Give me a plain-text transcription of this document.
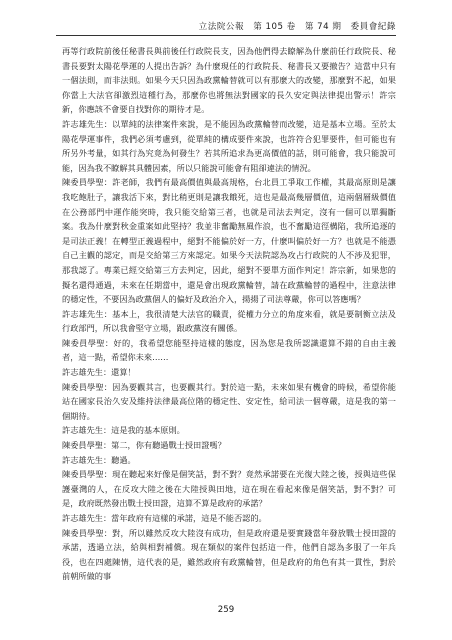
立法院公報　第 105 卷　第 74 期　委員會紀錄

再等行政院前後任秘書長與前後任行政院長支，因為他們得去瞭解為什麼前任行政院長、秘書長要對太陽花學運的人提出告訴？為什麼現任的行政院長、秘書長又要撤告？這當中只有一個法則，而非法則。如果今天只因為政黨輪替就可以有那麼大的改變，那麼對不起，如果你當上大法官卻激烈這種行為，那麼你也將無法對國家的長久安定與法律提出警示！許宗新，你應該不會要自找對你的期待才是。

許志雄先生：以單純的法律案件來說，是不能因為政黨輪替而改變，這是基本立場。至於太陽花學運事件，我們必須考慮到，從單純的構成要件來說，也許符合犯罪要件，但可能也有所另外考量，如其行為究竟為何發生？若其所追求為更高價值的話，則可能會，我只能說可能，因為我不瞭解其具體因素，所以只能說可能會有阻卻違法的情況。

陳委員學聖：許老師，我們有最高價值與最高規格，台北員工爭取工作權，其最高原則是讓我吃飽肚子，讓我活下來，對比稍更則是讓我餓死，這也是最高幾層價值，這兩個層級價值在公務部門中運作能突時，我只能交給第三者，也就是司法去判定，沒有一個可以單獨斷案。我為什麼對秋金重案如此堅持？我並非奮勵無風作浪，也不奮勵這徑構陷，我所追逐的是司法正義！在轉型正義過程中，絕對不能偏於好一方，什麼叫偏於好一方？也就是不能憑自己主觀的認定，而是交給第三方來認定。如果今天法院認為攻占行政院的人不涉及犯罪，那我認了。專業已經交給第三方去判定，因此，絕對不要單方面作判定！許宗新，如果您的擬名還得通過，未來在任期當中，還是會出現政黨輪替，請在政黨輪替的過程中，注意法律的穩定性，不要因為政黨個人的偏好及政治介入，揚揚了司法尊嚴，你可以答應嗎？

許志雄先生：基本上，我很清楚大法官的職責，從權力分立的角度來看，就是要制衡立法及行政部門，所以我會堅守立場，跟政黨沒有關係。

陳委員學聖：好的，我希望您能堅持這樣的態度，因為您是我所認識還算不錯的自由主義者，這一點，希望你未來……

許志雄先生：還算！

陳委員學聖：因為要觀其言，也要觀其行。對於這一點，未來如果有機會的時候，希望你能站在國家長治久安及維持法律最高位階的穩定性、安定性，給司法一個尊嚴，這是我的第一個期待。

許志雄先生：這是我的基本原則。

陳委員學聖：第二，你有聽過戰士授田證嗎？

許志雄先生：聽過。

陳委員學聖：現在聽起來好像是個笑話，對不對？竟然承諾要在光復大陸之後，授與這些保護臺灣的人，在反攻大陸之後在大陸授與田地，這在現在看起來像是個笑話，對不對？可是，政府既然發出戰士授田證，這算不算是政府的承諾？

許志雄先生：當年政府有這樣的承諾，這是不能否認的。

陳委員學聖：對，所以雖然反攻大陸沒有成功，但是政府還是要實踐當年發放戰士授田證的承諾，透過立法，給與相對補償。現在類似的案件包括這一件，他們自認為多服了一年兵役，也在四處陳情，這代表的是，雖然政府有政黨輪替，但是政府的角色有其一貫性，對於前朝所做的事

259
